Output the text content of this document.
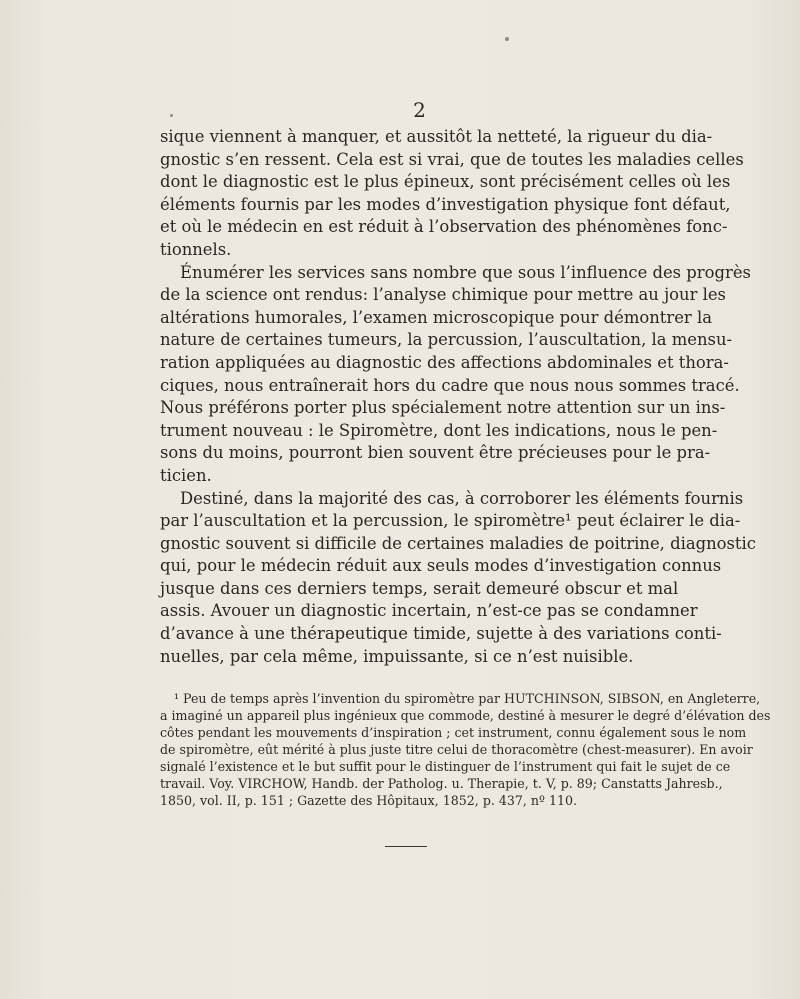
2
sique viennent à manquer, et aussitôt la netteté, la rigueur du dia-
gnostic s’en ressent. Cela est si vrai, que de toutes les maladies celles
dont le diagnostic est le plus épineux, sont précisément celles où les
éléments fournis par les modes d’investigation physique font défaut,
et où le médecin en est réduit à l’observation des phénomènes fonc-
tionnels.
Énumérer les services sans nombre que sous l’influence des progrès
de la science ont rendus: l’analyse chimique pour mettre au jour les
altérations humorales, l’examen microscopique pour démontrer la
nature de certaines tumeurs, la percussion, l’auscultation, la mensu-
ration appliquées au diagnostic des affections abdominales et thora-
ciques, nous entraînerait hors du cadre que nous nous sommes tracé.
Nous préférons porter plus spécialement notre attention sur un ins-
trument nouveau : le Spiromètre, dont les indications, nous le pen-
sons du moins, pourront bien souvent être précieuses pour le pra-
ticien.
Destiné, dans la majorité des cas, à corroborer les éléments fournis
par l’auscultation et la percussion, le spiromètre¹ peut éclairer le dia-
gnostic souvent si difficile de certaines maladies de poitrine, diagnostic
qui, pour le médecin réduit aux seuls modes d’investigation connus
jusque dans ces derniers temps, serait demeuré obscur et mal
assis. Avouer un diagnostic incertain, n’est-ce pas se condamner
d’avance à une thérapeutique timide, sujette à des variations conti-
nuelles, par cela même, impuissante, si ce n’est nuisible.
¹ Peu de temps après l’invention du spiromètre par HUTCHINSON, SIBSON, en Angleterre,
a imaginé un appareil plus ingénieux que commode, destiné à mesurer le degré d’élévation des
côtes pendant les mouvements d’inspiration ; cet instrument, connu également sous le nom
de spiromètre, eût mérité à plus juste titre celui de thoracomètre (chest-measurer). En avoir
signalé l’existence et le but suffit pour le distinguer de l’instrument qui fait le sujet de ce
travail. Voy. VIRCHOW, Handb. der Patholog. u. Therapie, t. V, p. 89; Canstatts Jahresb.,
1850, vol. II, p. 151 ; Gazette des Hôpitaux, 1852, p. 437, nº 110.
